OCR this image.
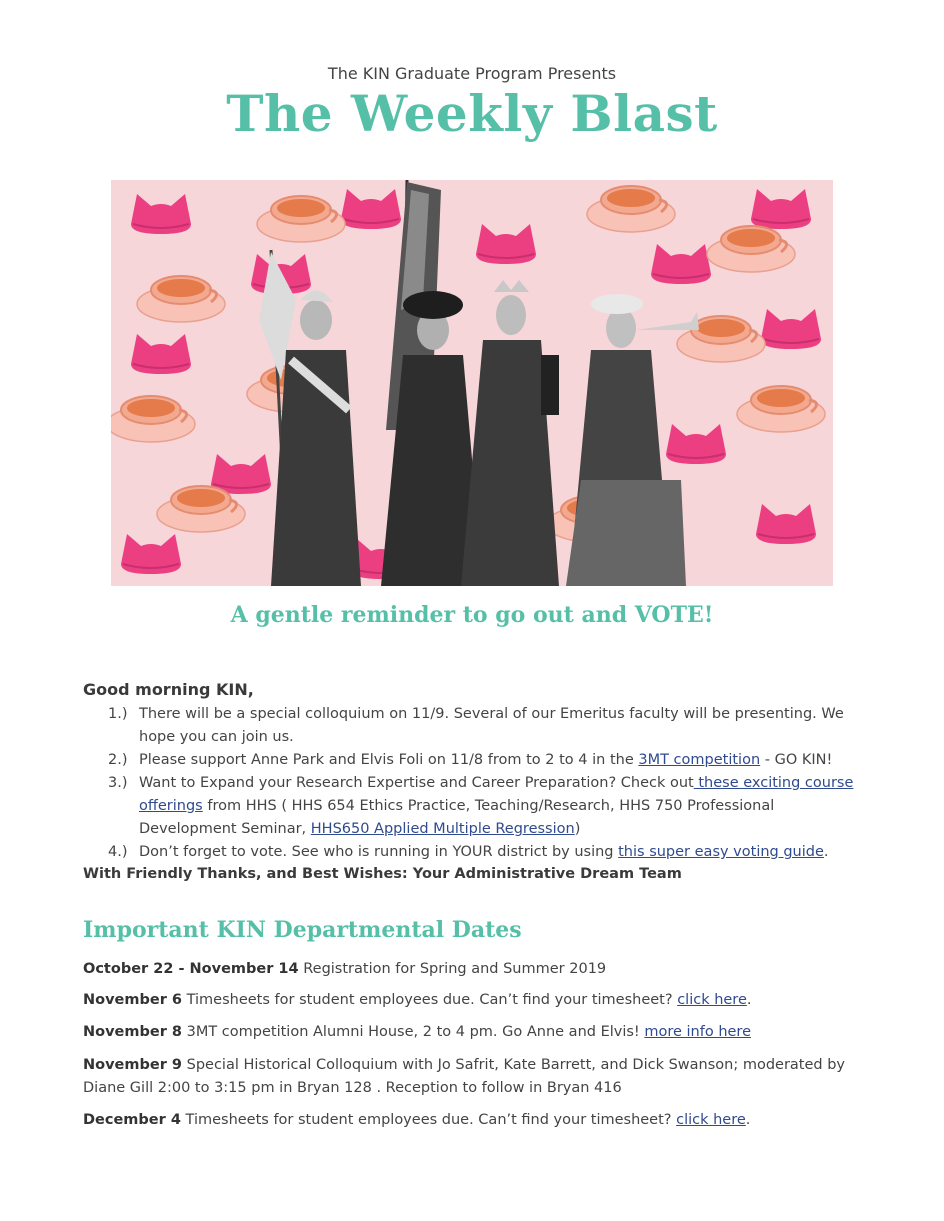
The KIN Graduate Program Presents
The Weekly Blast
A gentle reminder to go out and VOTE!
Good morning KIN,
1.) There will be a special colloquium on 11/9. Several of our Emeritus faculty will be presenting. We hope you can join us.
2.) Please support Anne Park and Elvis Foli on 11/8 from to 2 to 4 in the 3MT competition - GO KIN!
3.) Want to Expand your Research Expertise and Career Preparation? Check out these exciting course offerings from HHS ( HHS 654 Ethics Practice, Teaching/Research, HHS 750 Professional Development Seminar, HHS650 Applied Multiple Regression)
4.) Don’t forget to vote. See who is running in YOUR district by using this super easy voting guide.
With Friendly Thanks, and Best Wishes: Your Administrative Dream Team
Important KIN Departmental Dates
October 22 - November 14 Registration for Spring and Summer 2019
November 6 Timesheets for student employees due. Can’t find your timesheet? click here.
November 8 3MT competition Alumni House, 2 to 4 pm. Go Anne and Elvis! more info here
November 9 Special Historical Colloquium with Jo Safrit, Kate Barrett, and Dick Swanson; moderated by Diane Gill 2:00 to 3:15 pm in Bryan 128 . Reception to follow in Bryan 416
December 4 Timesheets for student employees due. Can’t find your timesheet? click here.
